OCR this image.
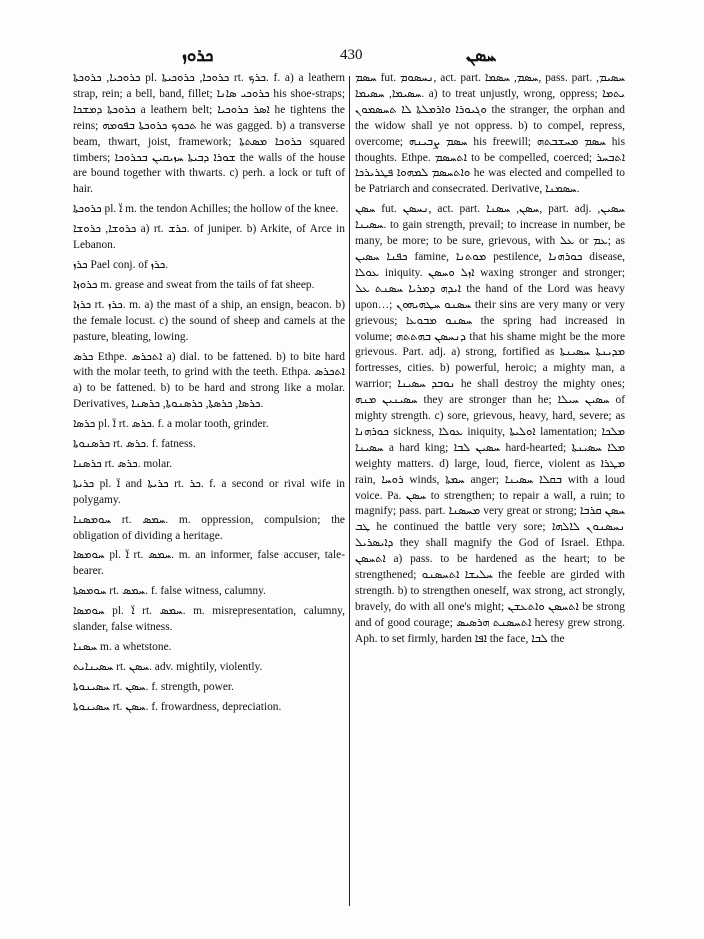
ܟܪܘܙ	430	ܚܣܢ

ܟܪܘܟܝܐ, ܟܪܘܟܬܐ pl. ܟܪܘܟܐ, ܟܪܘܟܝܬܐ rt. ܟܪܟ. f. a) a leathern strap, rein; a bell, band, fillet; ܟܪܘܟܝ ܣܐܢܐ his shoe-straps; ܟܪܘܟܬܐ ܕܡܫܟܐ a leathern belt; ܐܣܪ ܟܪܘܟܝܐ he tightens the reins; ܬܟܘܟ ܟܪܘܟܬܐ ܒܦܘܡܗ he was gagged. b) a transverse beam, thwart, joist, framework; ܟܪܘܟܐ ܡܣܬܬܐ squared timbers; ܫܘܪܐ ܕܒܝܬܐ ܚܙܝܩܝܢ ܒܟܪܘܟܐ the walls of the house are bound together with thwarts. c) perh. a lock or tuft of hair.

ܟܪܘܟܬܐ pl. ܐ̈ m. the tendon Achilles; the hollow of the knee.

ܟܪܘܫܐ, ܟܪܘܫܐ a) rt. ܟܪܫ. of juniper. b) Arkite, of Arce in Lebanon.

ܟܪܙ Pael conj. of ܟܪܙ.

ܟܪܘܙܐ m. grease and sweat from the tails of fat sheep.

ܟܪܙܐ rt. ܟܪܙ. m. a) the mast of a ship, an ensign, beacon. b) the female locust. c) the sound of sheep and camels at the pasture, bleating, lowing.

ܟܪܣ Ethpe. ܐܬܟܪܣ a) dial. to be fattened. b) to bite hard with the molar teeth, to grind with the teeth. Ethpa. ܐܬܟܪܣ a) to be fattened. b) to be hard and strong like a molar. Derivatives, ܟܪܣܐ, ܟܪܣܬܐ, ܟܪܣܢܘܬܐ, ܟܪܣܢܐ.

ܟܪܣܐ pl. ܐ̈ rt. ܟܪܣ. f. a molar tooth, grinder.

ܟܪܣܢܘܬܐ rt. ܟܪܣ. f. fatness.

ܟܪܣܢܐ rt. ܟܪܣ. molar.

ܟܪܝܬܐ pl. ܐ̈ and ܟܪܝܬܐ rt. ܟܪ. f. a second or rival wife in polygamy.

ܚܘܡܣܢܐ rt. ܚܡܣ. m. oppression, compulsion; the obligation of dividing a heritage.

ܚܘܡܣܐ pl. ܐ̈ rt. ܚܡܣ. m. an informer, false accuser, tale-bearer.

ܚܘܡܣܬܐ rt. ܚܡܣ. f. false witness, calumny.

ܚܘܡܣܐ pl. ܐ̈ rt. ܚܡܣ. m. misrepresentation, calumny, slander, false witness.

ܚܣܢܐ m. a whetstone.

ܚܣܝܢܐܝܬ rt. ܚܣܢ. adv. mightily, violently.

ܚܣܝܢܘܬܐ rt. ܚܣܢ. f. strength, power.

ܚܣܝܢܘܬܐ rt. ܚܣܢ. f. frowardness, depreciation.

ܚܣܡ fut. ܢܚܣܘܡ, act. part. ܚܣܡ, ܚܣܡܐ, pass. part. ܚܣܝܡ, ܚܣܝܡܐ, ܚܣܝܡܐ. a) to treat unjustly, wrong, oppress; ܝܬܡܐ ܘܓܝܘܪܐ ܘܐܪܡܠܬܐ ܠܐ ܬܚܣܡܘܢ the stranger, the orphan and the widow shall ye not oppress. b) to compel, repress, overcome; ܚܣܡ ܨܒܝܢܗ his freewill; ܚܣܡ ܡܚܫܒܬܗ his thoughts. Ethpe. ܐܬܚܣܡ to be compelled, coerced; ܐܬܒܚܪ ܘܐܬܚܣܡ ܠܡܗܘܐ ܦܛܪܝܪܟܐ he was elected and compelled to be Patriarch and consecrated. Derivative, ܚܣܡܢܐ.

ܚܣܢ fut. ܢܚܣܢ, act. part. ܚܣܢ, ܚܣܢܐ, part. adj. ܚܣܝܢ, ܚܣܝܢܐ. to gain strength, prevail; to increase in number, be many, be more; to be sure, grievous, with ܥܠ or ܥܡ; as ܟܦܢܐ ܚܣܝܢ famine, ܡܘܬܢܐ pestilence, ܟܘܪܗܢܐ disease, ܥܘܠܐ iniquity. ܐܙܠ ܘܚܣܢ waxing stronger and stronger; ܐܝܕܗ ܕܡܪܝܐ ܚܣܢܬ ܥܠ the hand of the Lord was heavy upon…; ܚܣܢܘ ܚܛܗܝܗܘܢ their sins are very many or very grievous; ܚܣܢܘ ܡܒܘܥܐ the spring had increased in volume; ܕܢܚܣܢ ܒܗܬܬܗ that his shame might be the more grievous. Part. adj. a) strong, fortified as ܡܕܝܢܬܐ ܚܣܝܢܬܐ fortresses, cities. b) powerful, heroic; a mighty man, a warrior; ܢܘܒܕ ܚܣܝܢܐ he shall destroy the mighty ones; ܚܣܝܢܝܢ ܡܢܗ they are stronger than he; ܚܣܝܢ ܚܝܠܐ of mighty strength. c) sore, grievous, heavy, hard, severe; as ܟܘܪܗܢܐ sickness, ܥܘܠܐ iniquity, ܐܘܠܝܬܐ lamentation; ܡܠܟܐ ܚܣܝܢܐ a hard king; ܚܣܝܢ ܠܒܐ hard-hearted; ܡܠܐ ܚܣܝܢܬܐ weighty matters. d) large, loud, fierce, violent as ܡܛܪܐ rain, ܪܘܚܐ winds, ܚܡܬܐ anger; ܒܩܠܐ ܚܣܝܢܐ with a loud voice. Pa. ܚܣܢ to strengthen; to repair a wall, a ruin; to magnify; pass. part. ܡܚܣܢܐ very great or strong; ܚܣܢ ܩܪܒܐ ܛܒ he continued the battle very sore; ܢܚܣܢܘܢ ܠܐܠܗܐ ܕܐܝܣܪܝܠ they shall magnify the God of Israel. Ethpa. ܐܬܚܣܢ a) pass. to be hardened as the heart; to be strengthened; ܚܠܝܫܐ ܐܬܚܣܢܘ the feeble are girded with strength. b) to strengthen oneself, wax strong, act strongly, bravely, do with all one's might; ܐܬܚܣܢ ܘܐܬܥܫܢ be strong and of good courage; ܐܬܚܣܢܬ ܗܪܣܝܣ heresy grew strong. Aph. to set firmly, harden ܐܦܐ the face, ܠܒܐ the
